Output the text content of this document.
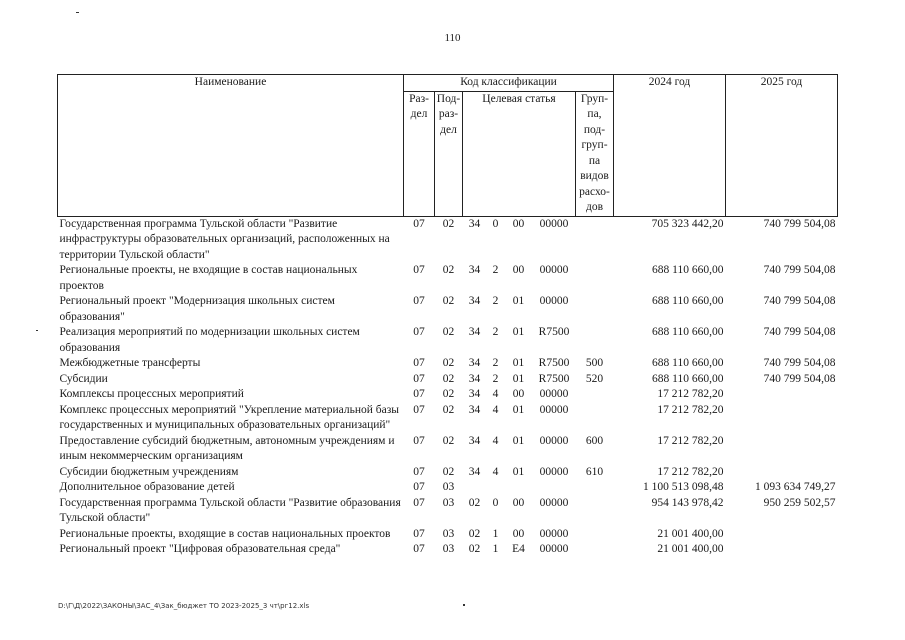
110
Наименование	Код классификации							2024 год	2025 год
	Раз-дел	Под-раз-дел	Целевая статья				Груп-па, под-груп-па видов расхо-дов		
Государственная программа Тульской области "Развитие инфраструктуры образовательных организаций, расположенных на территории Тульской области"	07	02	34	0	00	00000		705 323 442,20	740 799 504,08
Региональные проекты, не входящие в состав национальных проектов	07	02	34	2	00	00000		688 110 660,00	740 799 504,08
Региональный проект "Модернизация школьных систем образования"	07	02	34	2	01	00000		688 110 660,00	740 799 504,08
Реализация мероприятий по модернизации школьных систем образования	07	02	34	2	01	R7500		688 110 660,00	740 799 504,08
Межбюджетные трансферты	07	02	34	2	01	R7500	500	688 110 660,00	740 799 504,08
Субсидии	07	02	34	2	01	R7500	520	688 110 660,00	740 799 504,08
Комплексы процессных мероприятий	07	02	34	4	00	00000		17 212 782,20	
Комплекс процессных мероприятий "Укрепление материальной базы государственных и муниципальных образовательных организаций"	07	02	34	4	01	00000		17 212 782,20	
Предоставление субсидий бюджетным, автономным учреждениям и иным некоммерческим организациям	07	02	34	4	01	00000	600	17 212 782,20	
Субсидии бюджетным учреждениям	07	02	34	4	01	00000	610	17 212 782,20	
Дополнительное образование детей	07	03						1 100 513 098,48	1 093 634 749,27
Государственная программа Тульской области "Развитие образования Тульской области"	07	03	02	0	00	00000		954 143 978,42	950 259 502,57
Региональные проекты, входящие в состав национальных проектов	07	03	02	1	00	00000		21 001 400,00	
Региональный проект "Цифровая образовательная среда"	07	03	02	1	E4	00000		21 001 400,00	
D:\Г\Д\2022\ЗАКОНЫ\ЗАС_4\Зак_бюджет ТО 2023-2025_3 чт\рг12.xls
